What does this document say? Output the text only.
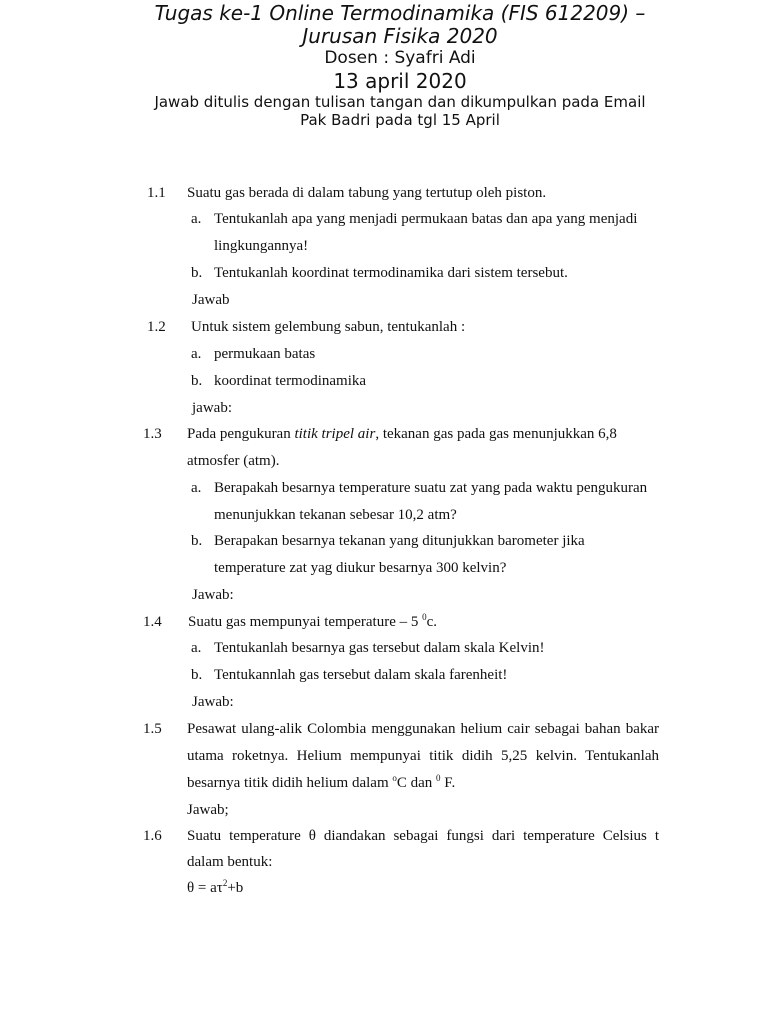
Tugas ke-1 Online Termodinamika (FIS 612209) –
Jurusan Fisika 2020
Dosen : Syafri Adi
13 april 2020
Jawab ditulis dengan tulisan tangan dan dikumpulkan pada Email
Pak Badri pada tgl 15 April
1.1 Suatu gas berada di dalam tabung yang tertutup oleh piston.
a. Tentukanlah apa yang menjadi permukaan batas dan apa yang menjadi
lingkungannya!
b. Tentukanlah koordinat termodinamika dari sistem tersebut.
Jawab
1.2 Untuk sistem gelembung sabun, tentukanlah :
a. permukaan batas
b. koordinat termodinamika
jawab:
1.3 Pada pengukuran titik tripel air, tekanan gas pada gas menunjukkan 6,8
atmosfer (atm).
a. Berapakah besarnya temperature suatu zat yang pada waktu pengukuran
menunjukkan tekanan sebesar 10,2 atm?
b. Berapakan besarnya tekanan yang ditunjukkan barometer jika
temperature zat yag diukur besarnya 300 kelvin?
Jawab:
1.4 Suatu gas mempunyai temperature – 5 $^0$c.
a. Tentukanlah besarnya gas tersebut dalam skala Kelvin!
b. Tentukannlah gas tersebut dalam skala farenheit!
Jawab:
1.5 Pesawat ulang-alik Colombia menggunakan helium cair sebagai bahan bakar
utama roketnya. Helium mempunyai titik didih 5,25 kelvin. Tentukanlah
besarnya titik didih helium dalam $^o$C dan $^0$ F.
Jawab;
1.6 Suatu temperature θ diandakan sebagai fungsi dari temperature Celsius t
dalam bentuk:
$\theta = a\tau^2+b$
